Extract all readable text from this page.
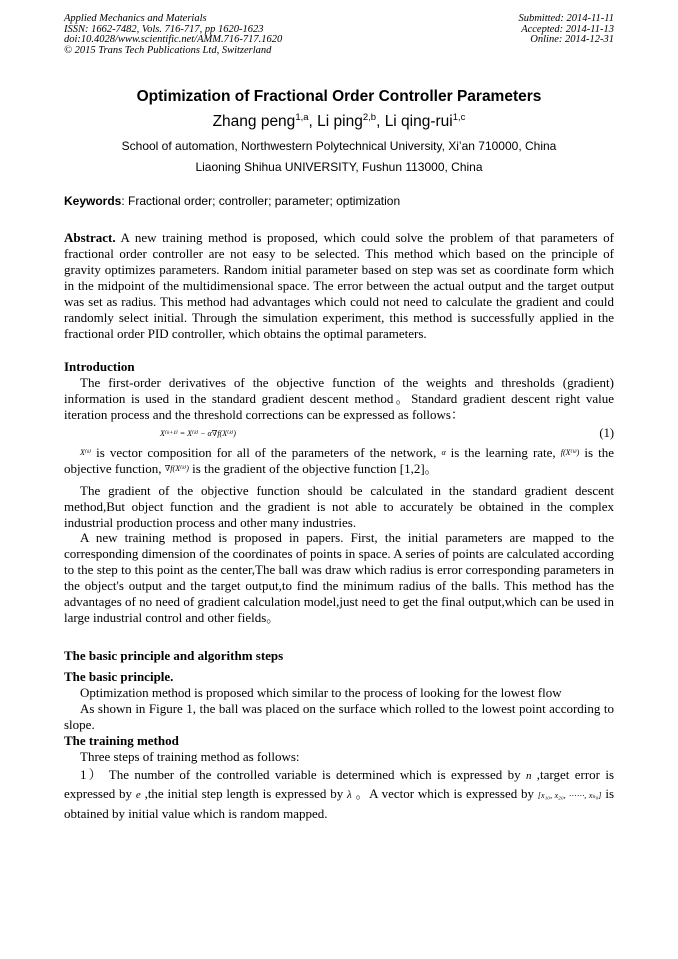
Applied Mechanics and Materials
ISSN: 1662-7482, Vols. 716-717, pp 1620-1623
doi:10.4028/www.scientific.net/AMM.716-717.1620
© 2015 Trans Tech Publications Ltd, Switzerland
Submitted: 2014-11-11
Accepted: 2014-11-13
Online: 2014-12-31
Optimization of Fractional Order Controller Parameters
Zhang peng$^{1,a}$, Li ping$^{2,b}$, Li qing-rui$^{1,c}$
School of automation, Northwestern Polytechnical University, Xi’an 710000, China
Liaoning Shihua UNIVERSITY, Fushun 113000, China
Keywords: Fractional order; controller; parameter; optimization
Abstract. A new training method is proposed, which could solve the problem of that parameters of fractional order controller are not easy to be selected. This method which based on the principle of gravity optimizes parameters. Random initial parameter based on step was set as coordinate form which in the midpoint of the multidimensional space. The error between the actual output and the target output was set as radius. This method had advantages which could not need to calculate the gradient and could randomly select initial. Through the simulation experiment, this method is successfully applied in the fractional order PID controller, which obtains the optimal parameters.
Introduction
The first-order derivatives of the objective function of the weights and thresholds (gradient) information is used in the standard gradient descent method。Standard gradient descent right value iteration process and the threshold corrections can be expressed as follows：
X⁽ᵏ⁺¹⁾ = X⁽ᵏ⁾ − α∇f(X⁽ᵏ⁾)	(1)
$^{X^(ᵏ^)}$ is vector composition for all of the parameters of the network, $^\alpha$ is the learning rate, $^{f(X^(ᵏ^))}$ is the objective function, $^{\nabla f(X^(ᵏ^))}$ is the gradient of the objective function [1,2]。
The gradient of the objective function should be calculated in the standard gradient descent method,But object function and the gradient is not able to accurately be obtained in the complex industrial production process and other many industries.
A new training method is proposed in papers. First, the initial parameters are mapped to the corresponding dimension of the coordinates of points in space. A series of points are calculated according to the step to this point as the center,The ball was draw which radius is error corresponding parameters in the object's output and the target output,to find the minimum radius of the balls. This method has the advantages of no need of gradient calculation model,just need to get the final output,which can be used in large industrial control and other fields。
The basic principle and algorithm steps
The basic principle.
Optimization method is proposed which similar to the process of looking for the lowest flow
As shown in Figure 1, the ball was placed on the surface which rolled to the lowest point according to slope.
The training method
Three steps of training method as follows:
1） The number of the controlled variable is determined which is expressed by n ,target error is expressed by e ,the initial step length is expressed by λ 。A vector which is expressed by [x₁₀, x₂₀, ⋯⋯, xₙ₀] is obtained by initial value which is random mapped.
